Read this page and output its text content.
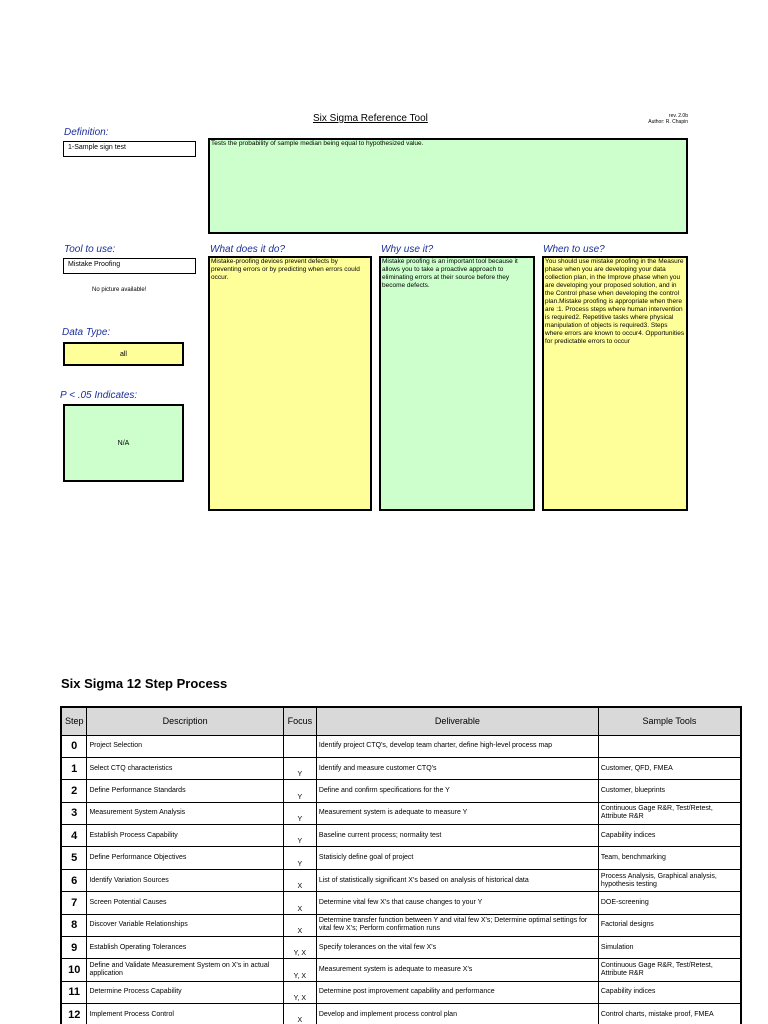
Six Sigma Reference Tool	rev. 2.0b
Author: R. Chapin
Definition:
1-Sample sign test
Tests the probability of sample median being equal to hypothesized value.
Tool to use:
Mistake Proofing
No picture available!
What does it do?
Mistake-proofing devices prevent defects by preventing errors or by predicting when errors could occur.
Why use it?
Mistake proofing is an important tool because it allows you to take a proactive approach to eliminating errors at their source before they become defects.
When to use?
You should use mistake proofing in the Measure phase when you are developing your data collection plan, in the Improve phase when you are developing your proposed solution, and in the Control phase when developing the control plan.Mistake proofing is appropriate when there are :1. Process steps where human intervention is required2. Repetitive tasks where physical manipulation of objects is required3. Steps where errors are known to occur4. Opportunities for predictable errors to occur
Data Type:
all
P < .05 Indicates:
N/A
Six Sigma 12 Step Process
Step	Description	Focus	Deliverable	Sample Tools
0	Project Selection		Identify project CTQ's, develop team charter, define high-level process map	
1	Select CTQ characteristics	Y	Identify and measure customer CTQ's	Customer, QFD, FMEA
2	Define Performance Standards	Y	Define and confirm specifications for the Y	Customer, blueprints
3	Measurement System Analysis	Y	Measurement system is adequate to measure Y	Continuous Gage R&R, Test/Retest, Attribute R&R
4	Establish Process Capability	Y	Baseline current process; normality test	Capability indices
5	Define Performance Objectives	Y	Statisicly define goal of project	Team, benchmarking
6	Identify Variation Sources	X	List of statistically significant X's based on analysis of historical data	Process Analysis, Graphical analysis, hypothesis testing
7	Screen Potential Causes	X	Determine vital few X's that cause changes to your Y	DOE-screening
8	Discover Variable Relationships	X	Determine transfer function between Y and vital few X's; Determine optimal settings for vital few X's; Perform confirmation runs	Factorial designs
9	Establish Operating Tolerances	Y, X	Specify tolerances on the vital few X's	Simulation
10	Define and Validate Measurement System on X's in actual application	Y, X	Measurement system is adequate to measure X's	Continuous Gage R&R, Test/Retest, Attribute R&R
11	Determine Process Capability	Y, X	Determine post improvement capability and performance	Capability indices
12	Implement Process Control	X	Develop and implement process control plan	Control charts, mistake proof, FMEA
